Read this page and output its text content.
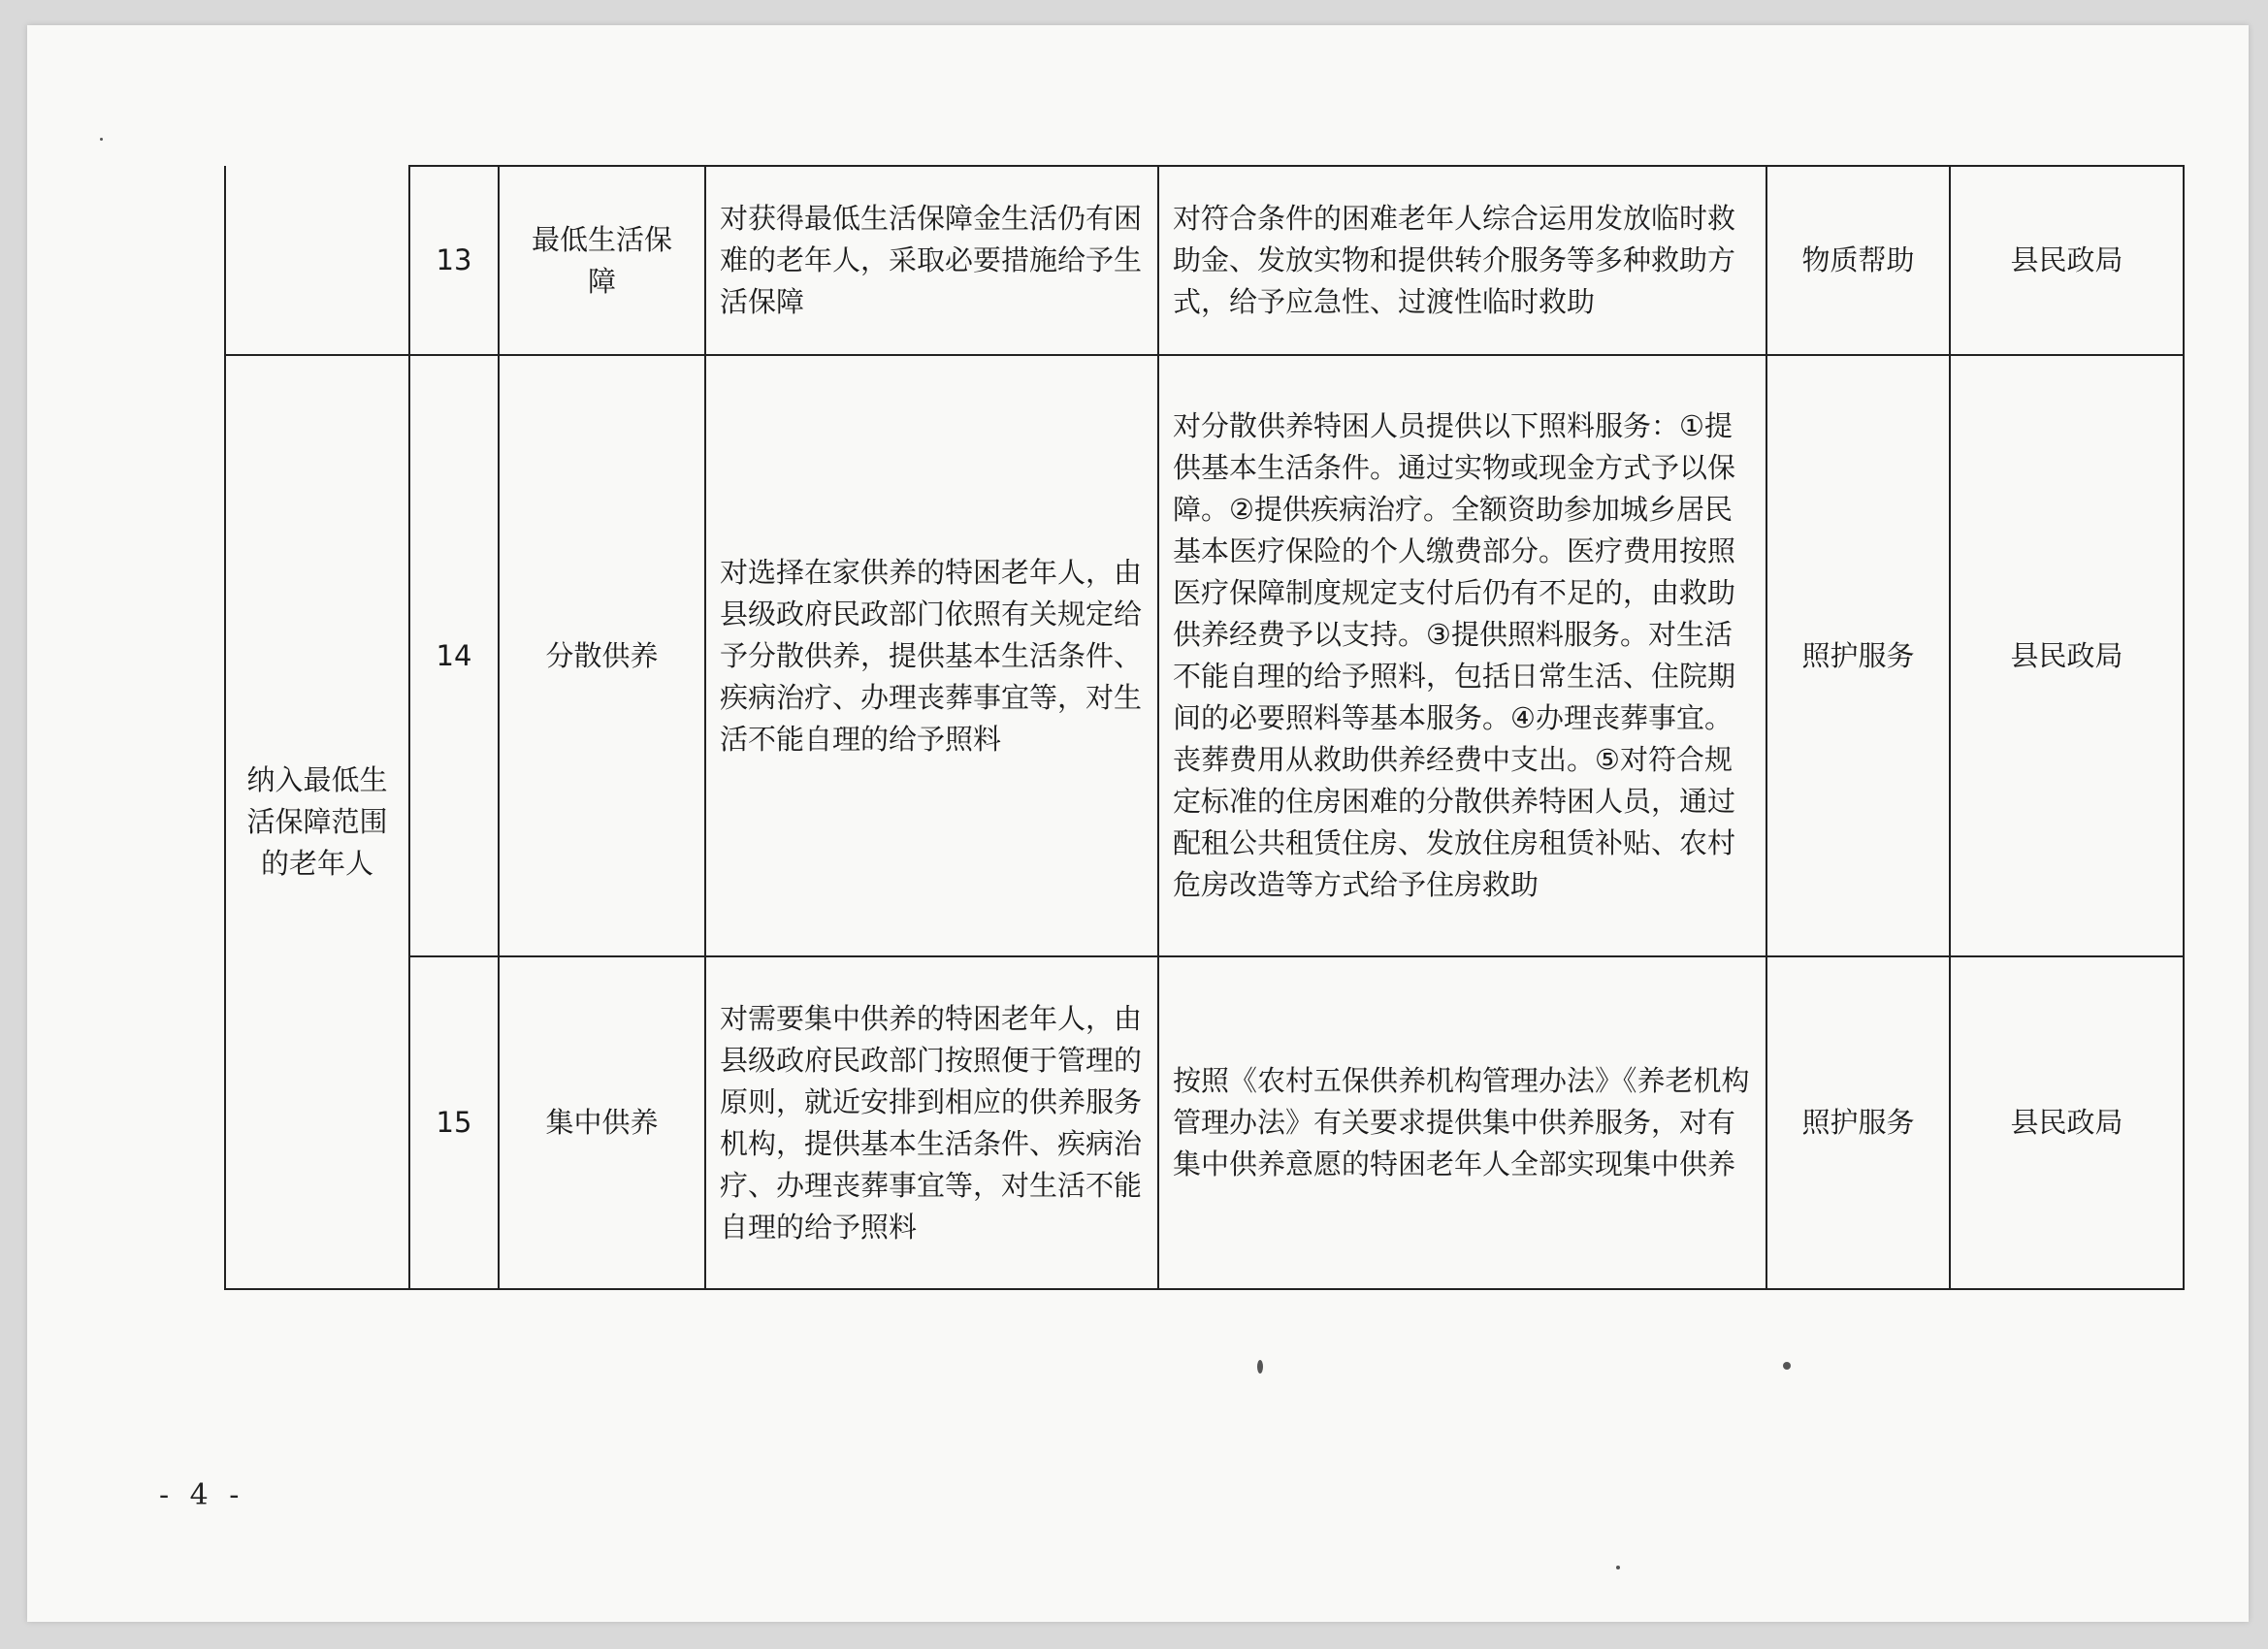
	13	最低生活保障	对获得最低生活保障金生活仍有困难的老年人，采取必要措施给予生活保障	对符合条件的困难老年人综合运用发放临时救助金、发放实物和提供转介服务等多种救助方式，给予应急性、过渡性临时救助	物质帮助	县民政局
纳入最低生活保障范围的老年人	14	分散供养	对选择在家供养的特困老年人，由县级政府民政部门依照有关规定给予分散供养，提供基本生活条件、疾病治疗、办理丧葬事宜等，对生活不能自理的给予照料	对分散供养特困人员提供以下照料服务：①提供基本生活条件。通过实物或现金方式予以保障。②提供疾病治疗。全额资助参加城乡居民基本医疗保险的个人缴费部分。医疗费用按照医疗保障制度规定支付后仍有不足的，由救助供养经费予以支持。③提供照料服务。对生活不能自理的给予照料，包括日常生活、住院期间的必要照料等基本服务。④办理丧葬事宜。丧葬费用从救助供养经费中支出。⑤对符合规定标准的住房困难的分散供养特困人员，通过配租公共租赁住房、发放住房租赁补贴、农村危房改造等方式给予住房救助	照护服务	县民政局
	15	集中供养	对需要集中供养的特困老年人，由县级政府民政部门按照便于管理的原则，就近安排到相应的供养服务机构，提供基本生活条件、疾病治疗、办理丧葬事宜等，对生活不能自理的给予照料	按照《农村五保供养机构管理办法》《养老机构管理办法》有关要求提供集中供养服务，对有集中供养意愿的特困老年人全部实现集中供养	照护服务	县民政局
- 4 -
